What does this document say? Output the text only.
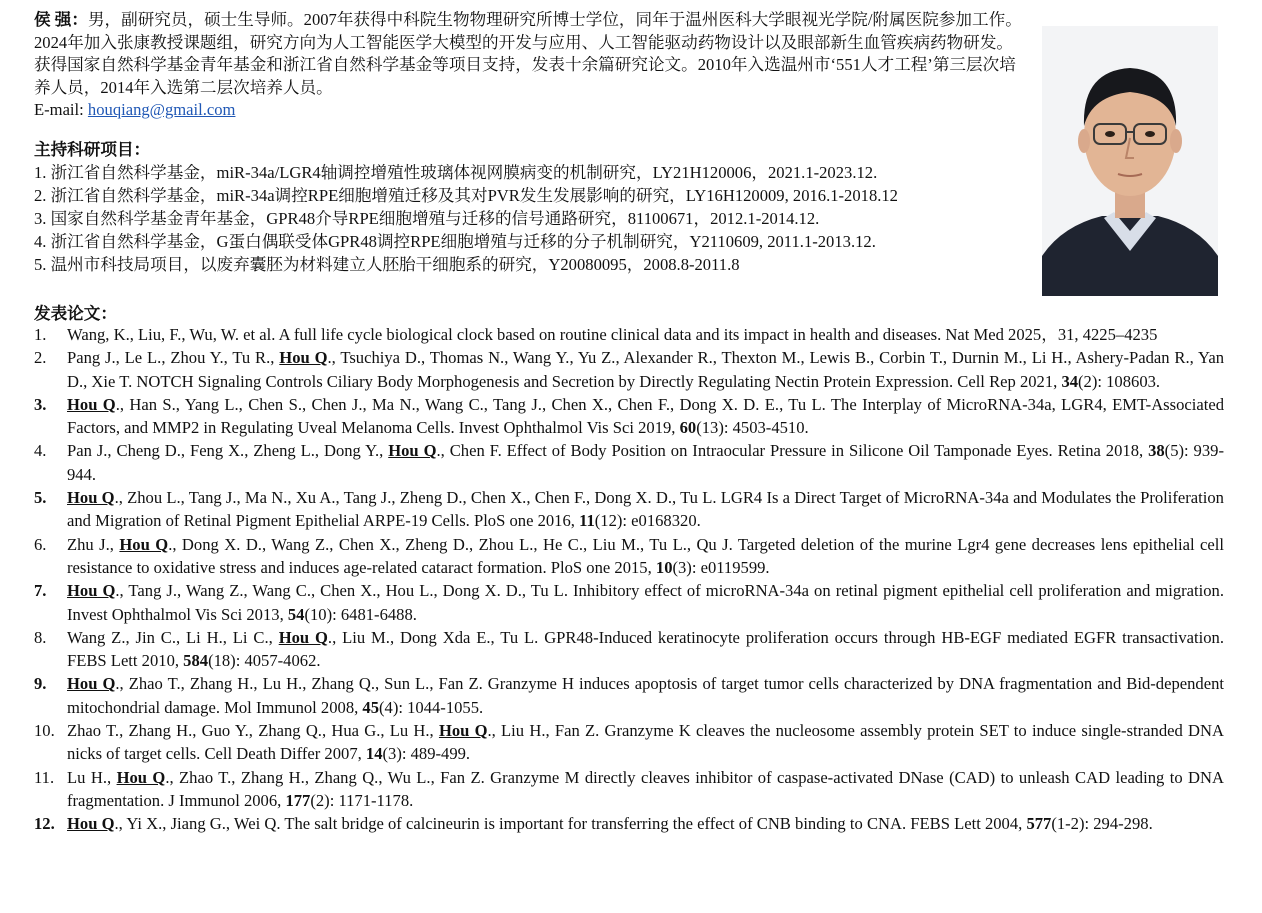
侯 强：男，副研究员，硕士生导师。2007年获得中科院生物物理研究所博士学位，同年于温州医科大学眼视光学院/附属医院参加工作。2024年加入张康教授课题组，研究方向为人工智能医学大模型的开发与应用、人工智能驱动药物设计以及眼部新生血管疾病药物研发。获得国家自然科学基金青年基金和浙江省自然科学基金等项目支持，发表十余篇研究论文。2010年入选温州市‘551人才工程’第三层次培养人员，2014年入选第二层次培养人员。
E-mail: houqiang@gmail.com
主持科研项目：
1. 浙江省自然科学基金，miR-34a/LGR4轴调控增殖性玻璃体视网膜病变的机制研究，LY21H120006，2021.1-2023.12.
2. 浙江省自然科学基金，miR-34a调控RPE细胞增殖迁移及其对PVR发生发展影响的研究，LY16H120009, 2016.1-2018.12
3. 国家自然科学基金青年基金，GPR48介导RPE细胞增殖与迁移的信号通路研究，81100671，2012.1-2014.12.
4. 浙江省自然科学基金，G蛋白偶联受体GPR48调控RPE细胞增殖与迁移的分子机制研究，Y2110609, 2011.1-2013.12.
5. 温州市科技局项目，以废弃囊胚为材料建立人胚胎干细胞系的研究，Y20080095，2008.8-2011.8
发表论文：
1.	Wang, K., Liu, F., Wu, W. et al. A full life cycle biological clock based on routine clinical data and its impact in health and diseases. Nat Med 2025，31, 4225–4235
2.	Pang J., Le L., Zhou Y., Tu R., Hou Q., Tsuchiya D., Thomas N., Wang Y., Yu Z., Alexander R., Thexton M., Lewis B., Corbin T., Durnin M., Li H., Ashery-Padan R., Yan D., Xie T. NOTCH Signaling Controls Ciliary Body Morphogenesis and Secretion by Directly Regulating Nectin Protein Expression. Cell Rep 2021, 34(2): 108603.
3.	Hou Q., Han S., Yang L., Chen S., Chen J., Ma N., Wang C., Tang J., Chen X., Chen F., Dong X. D. E., Tu L. The Interplay of MicroRNA-34a, LGR4, EMT-Associated Factors, and MMP2 in Regulating Uveal Melanoma Cells. Invest Ophthalmol Vis Sci 2019, 60(13): 4503-4510.
4.	Pan J., Cheng D., Feng X., Zheng L., Dong Y., Hou Q., Chen F. Effect of Body Position on Intraocular Pressure in Silicone Oil Tamponade Eyes. Retina 2018, 38(5): 939-944.
5.	Hou Q., Zhou L., Tang J., Ma N., Xu A., Tang J., Zheng D., Chen X., Chen F., Dong X. D., Tu L. LGR4 Is a Direct Target of MicroRNA-34a and Modulates the Proliferation and Migration of Retinal Pigment Epithelial ARPE-19 Cells. PloS one 2016, 11(12): e0168320.
6.	Zhu J., Hou Q., Dong X. D., Wang Z., Chen X., Zheng D., Zhou L., He C., Liu M., Tu L., Qu J. Targeted deletion of the murine Lgr4 gene decreases lens epithelial cell resistance to oxidative stress and induces age-related cataract formation. PloS one 2015, 10(3): e0119599.
7.	Hou Q., Tang J., Wang Z., Wang C., Chen X., Hou L., Dong X. D., Tu L. Inhibitory effect of microRNA-34a on retinal pigment epithelial cell proliferation and migration. Invest Ophthalmol Vis Sci 2013, 54(10): 6481-6488.
8.	Wang Z., Jin C., Li H., Li C., Hou Q., Liu M., Dong Xda E., Tu L. GPR48-Induced keratinocyte proliferation occurs through HB-EGF mediated EGFR transactivation. FEBS Lett 2010, 584(18): 4057-4062.
9.	Hou Q., Zhao T., Zhang H., Lu H., Zhang Q., Sun L., Fan Z. Granzyme H induces apoptosis of target tumor cells characterized by DNA fragmentation and Bid-dependent mitochondrial damage. Mol Immunol 2008, 45(4): 1044-1055.
10. Zhao T., Zhang H., Guo Y., Zhang Q., Hua G., Lu H., Hou Q., Liu H., Fan Z. Granzyme K cleaves the nucleosome assembly protein SET to induce single-stranded DNA nicks of target cells. Cell Death Differ 2007, 14(3): 489-499.
11. Lu H., Hou Q., Zhao T., Zhang H., Zhang Q., Wu L., Fan Z. Granzyme M directly cleaves inhibitor of caspase-activated DNase (CAD) to unleash CAD leading to DNA fragmentation. J Immunol 2006, 177(2): 1171-1178.
12. Hou Q., Yi X., Jiang G., Wei Q. The salt bridge of calcineurin is important for transferring the effect of CNB binding to CNA. FEBS Lett 2004, 577(1-2): 294-298.
